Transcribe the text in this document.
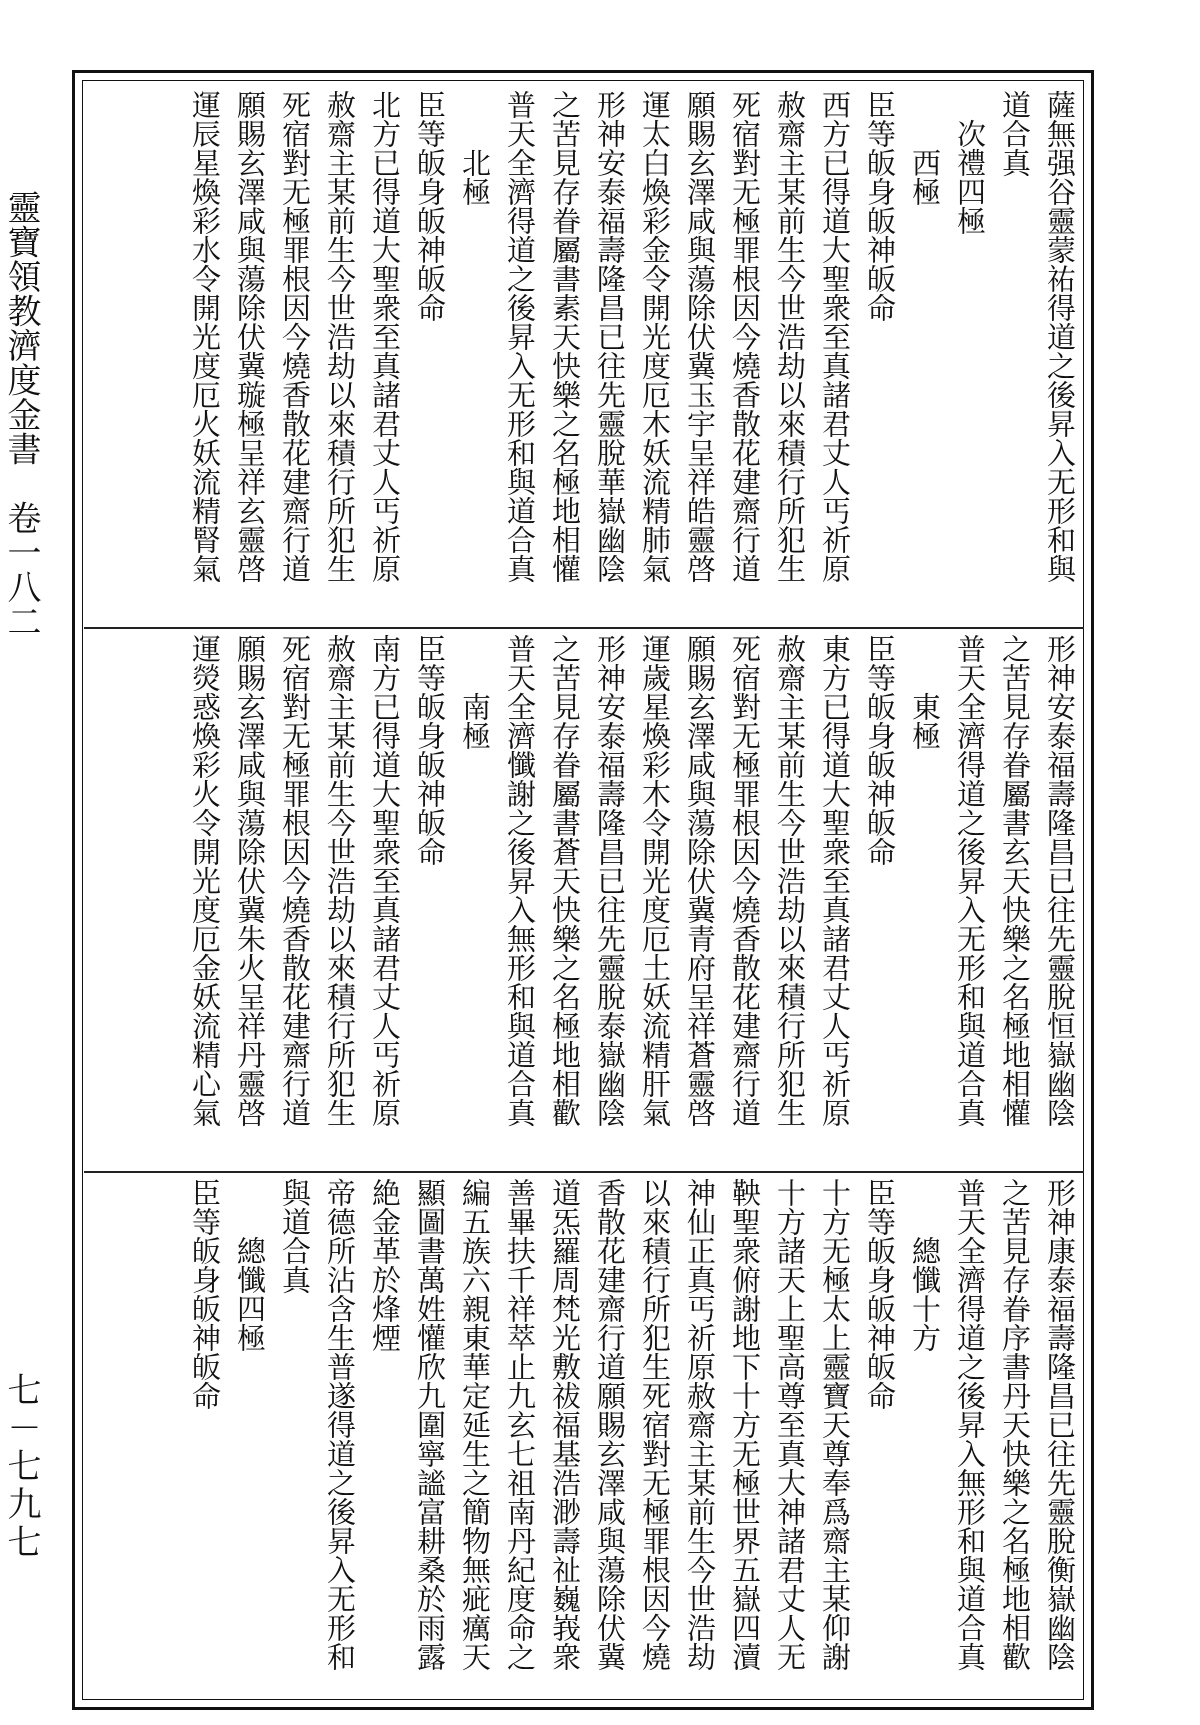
靈寶領教濟度金書　卷一八二
七－七九七
薩無强谷靈蒙祐得道之後昇入无形和與
道合真
　次禮四極
　　西極
臣等皈身皈神皈命
西方已得道大聖衆至真諸君丈人丐祈原
赦齋主某前生今世浩劫以來積行所犯生
死宿對无極罪根因今燒香散花建齋行道
願賜玄澤咸與蕩除伏冀玉宇呈祥皓靈啓
運太白煥彩金令開光度厄木妖流精肺氣
形神安泰福壽隆昌已往先靈脫華嶽幽陰
之苦見存眷屬書素天快樂之名極地相懽
普天全濟得道之後昇入无形和與道合真
　　北極
臣等皈身皈神皈命
北方已得道大聖衆至真諸君丈人丐祈原
赦齋主某前生今世浩劫以來積行所犯生
死宿對无極罪根因今燒香散花建齋行道
願賜玄澤咸與蕩除伏冀璇極呈祥玄靈啓
運辰星煥彩水令開光度厄火妖流精腎氣
形神安泰福壽隆昌已往先靈脫恒嶽幽陰
之苦見存眷屬書玄天快樂之名極地相懽
普天全濟得道之後昇入无形和與道合真
　　東極
臣等皈身皈神皈命
東方已得道大聖衆至真諸君丈人丐祈原
赦齋主某前生今世浩劫以來積行所犯生
死宿對无極罪根因今燒香散花建齋行道
願賜玄澤咸與蕩除伏冀青府呈祥蒼靈啓
運歲星煥彩木令開光度厄土妖流精肝氣
形神安泰福壽隆昌已往先靈脫泰嶽幽陰
之苦見存眷屬書蒼天快樂之名極地相歡
普天全濟懺謝之後昇入無形和與道合真
　　南極
臣等皈身皈神皈命
南方已得道大聖衆至真諸君丈人丐祈原
赦齋主某前生今世浩劫以來積行所犯生
死宿對无極罪根因今燒香散花建齋行道
願賜玄澤咸與蕩除伏冀朱火呈祥丹靈啓
運熒惑煥彩火令開光度厄金妖流精心氣
形神康泰福壽隆昌已往先靈脫衡嶽幽陰
之苦見存眷序書丹天快樂之名極地相歡
普天全濟得道之後昇入無形和與道合真
　　總懺十方
臣等皈身皈神皈命
十方无極太上靈寶天尊奉爲齋主某仰謝
十方諸天上聖高尊至真大神諸君丈人无
鞅聖衆俯謝地下十方无極世界五嶽四瀆
神仙正真丐祈原赦齋主某前生今世浩劫
以來積行所犯生死宿對无極罪根因今燒
香散花建齋行道願賜玄澤咸與蕩除伏冀
道炁羅周梵光敷祓福基浩渺壽祉巍峩衆
善畢扶千祥萃止九玄七祖南丹紀度命之
編五族六親東華定延生之簡物無疵癘天
顯圖書萬姓懽欣九圍寧謐富耕桑於雨露
絶金革於烽煙
帝德所沾含生普遂得道之後昇入无形和
與道合真
　　總懺四極
臣等皈身皈神皈命
